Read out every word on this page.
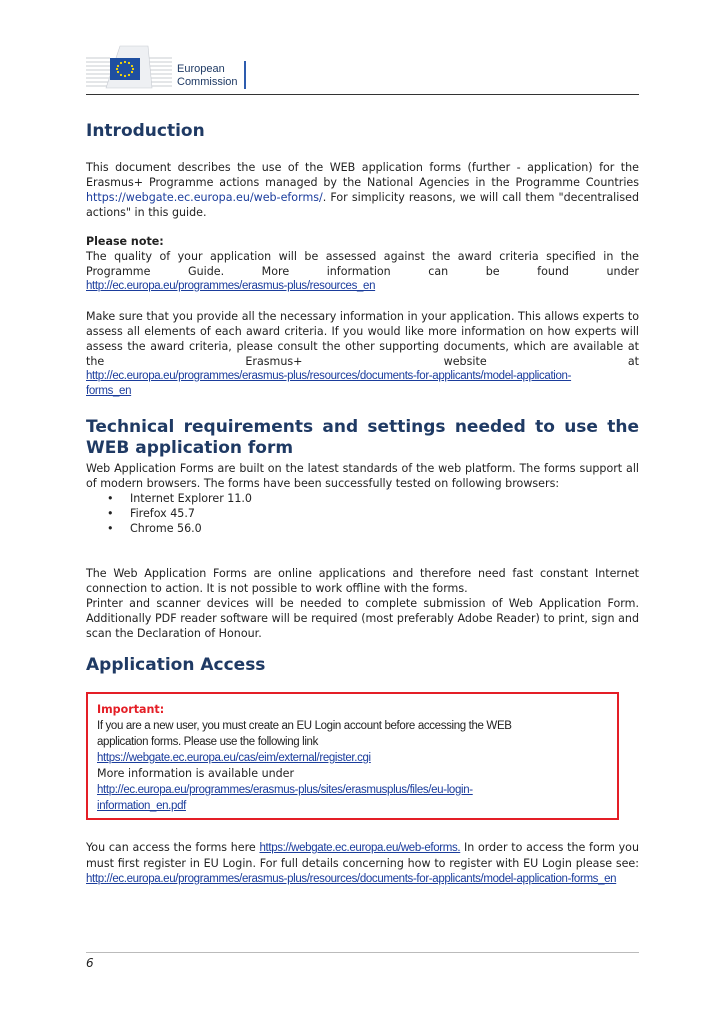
European
Commission
Introduction

This document describes the use of the WEB application forms (further - application) for the Erasmus+ Programme actions managed by the National Agencies in the Programme Countries https://webgate.ec.europa.eu/web-eforms/. For simplicity reasons, we will call them "decentralised actions" in this guide.

Please note:
The quality of your application will be assessed against the award criteria specified in the Programme Guide. More information can be found under
http://ec.europa.eu/programmes/erasmus-plus/resources_en
Make sure that you provide all the necessary information in your application. This allows experts to assess all elements of each award criteria. If you would like more information on how experts will assess the award criteria, please consult the other supporting documents, which are available at the Erasmus+ website at
http://ec.europa.eu/programmes/erasmus-plus/resources/documents-for-applicants/model-application-
forms_en
Technical requirements and settings needed to use the
WEB application form
Web Application Forms are built on the latest standards of the web platform. The forms support all of modern browsers. The forms have been successfully tested on following browsers:
• Internet Explorer 11.0
• Firefox 45.7
• Chrome 56.0
The Web Application Forms are online applications and therefore need fast constant Internet connection to action. It is not possible to work offline with the forms.
Printer and scanner devices will be needed to complete submission of Web Application Form. Additionally PDF reader software will be required (most preferably Adobe Reader) to print, sign and scan the Declaration of Honour.
Application Access
Important:
If you are a new user, you must create an EU Login account before accessing the WEB
application forms. Please use the following link
https://webgate.ec.europa.eu/cas/eim/external/register.cgi
More information is available under
http://ec.europa.eu/programmes/erasmus-plus/sites/erasmusplus/files/eu-login-
information_en.pdf

You can access the forms here https://webgate.ec.europa.eu/web-eforms. In order to access the form you must first register in EU Login. For full details concerning how to register with EU Login please see: http://ec.europa.eu/programmes/erasmus-plus/resources/documents-for-applicants/model-application-forms_en

6
